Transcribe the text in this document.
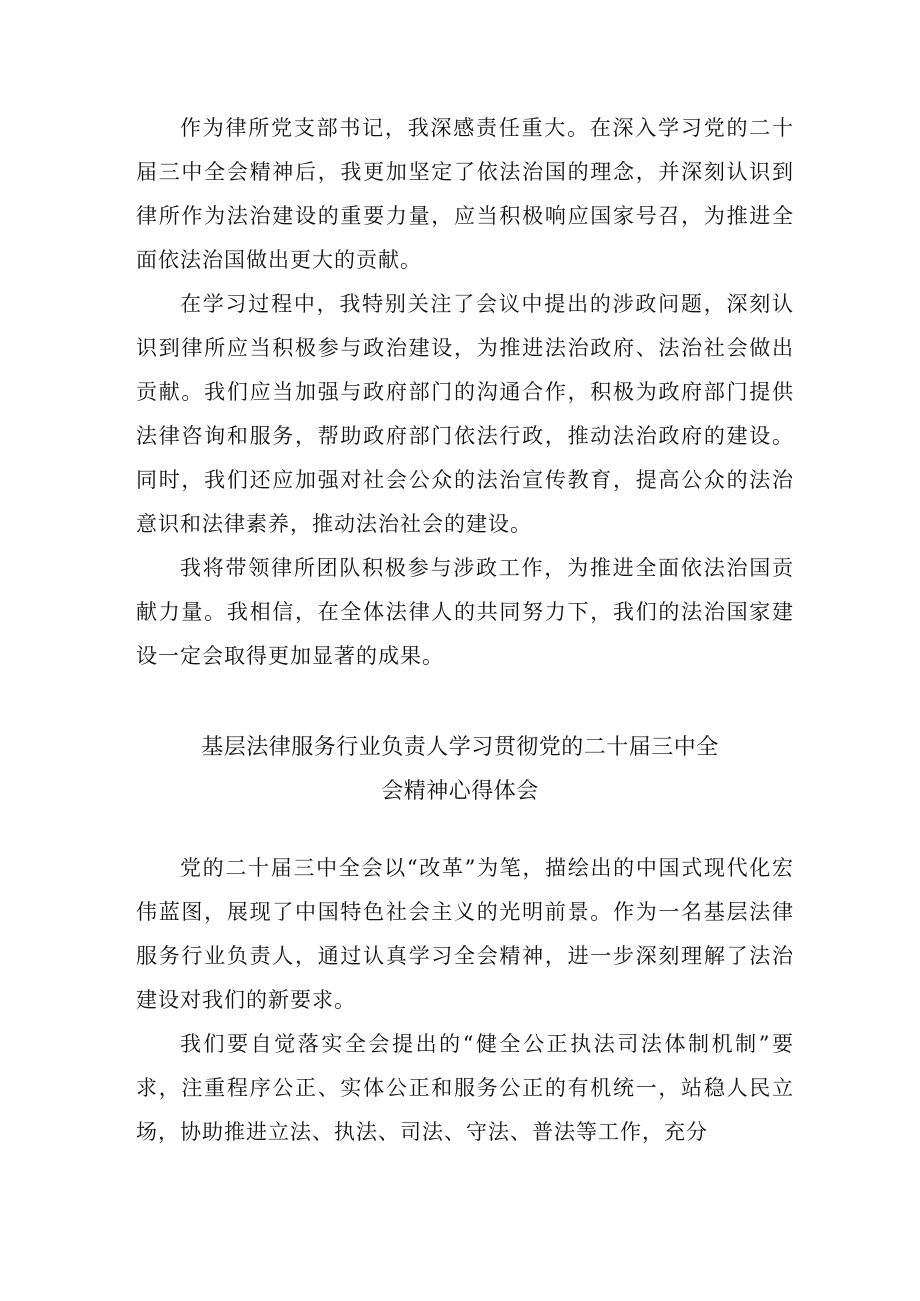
作为律所党支部书记，我深感责任重大。在深入学习党的二十届三中全会精神后，我更加坚定了依法治国的理念，并深刻认识到律所作为法治建设的重要力量，应当积极响应国家号召，为推进全面依法治国做出更大的贡献。

在学习过程中，我特别关注了会议中提出的涉政问题，深刻认识到律所应当积极参与政治建设，为推进法治政府、法治社会做出贡献。我们应当加强与政府部门的沟通合作，积极为政府部门提供法律咨询和服务，帮助政府部门依法行政，推动法治政府的建设。同时，我们还应加强对社会公众的法治宣传教育，提高公众的法治意识和法律素养，推动法治社会的建设。

我将带领律所团队积极参与涉政工作，为推进全面依法治国贡献力量。我相信，在全体法律人的共同努力下，我们的法治国家建设一定会取得更加显著的成果。

基层法律服务行业负责人学习贯彻党的二十届三中全
会精神心得体会

党的二十届三中全会以“改革”为笔，描绘出的中国式现代化宏伟蓝图，展现了中国特色社会主义的光明前景。作为一名基层法律服务行业负责人，通过认真学习全会精神，进一步深刻理解了法治建设对我们的新要求。

我们要自觉落实全会提出的“健全公正执法司法体制机制”要求，注重程序公正、实体公正和服务公正的有机统一，站稳人民立场，协助推进立法、执法、司法、守法、普法等工作，充分
